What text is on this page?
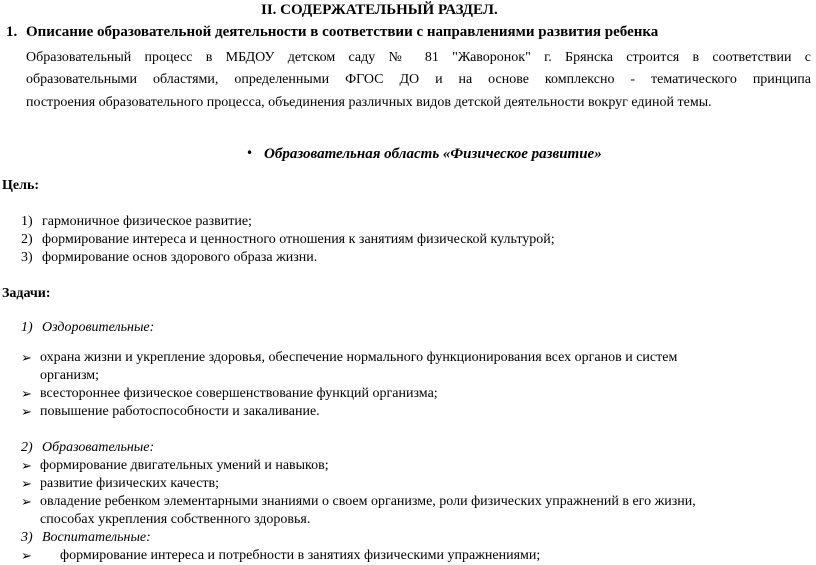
II. СОДЕРЖАТЕЛЬНЫЙ РАЗДЕЛ.
1. Описание образовательной деятельности в соответствии с направлениями развития ребенка
Образовательный процесс в МБДОУ детском саду № 81 "Жаворонок" г. Брянска строится в соответствии с
образовательными областями, определенными ФГОС ДО и на основе комплексно - тематического принципа
построения образовательного процесса, объединения различных видов детской деятельности вокруг единой темы.
• Образовательная область «Физическое развитие»
Цель:
1) гармоничное физическое развитие;
2) формирование интереса и ценностного отношения к занятиям физической культурой;
3) формирование основ здорового образа жизни.
Задачи:
1) Оздоровительные:
➢ охрана жизни и укрепление здоровья, обеспечение нормального функционирования всех органов и систем
организм;
➢ всестороннее физическое совершенствование функций организма;
➢ повышение работоспособности и закаливание.
2) Образовательные:
➢ формирование двигательных умений и навыков;
➢ развитие физических качеств;
➢ овладение ребенком элементарными знаниями о своем организме, роли физических упражнений в его жизни,
способах укрепления собственного здоровья.
3) Воспитательные:
➢	формирование интереса и потребности в занятиях физическими упражнениями;
